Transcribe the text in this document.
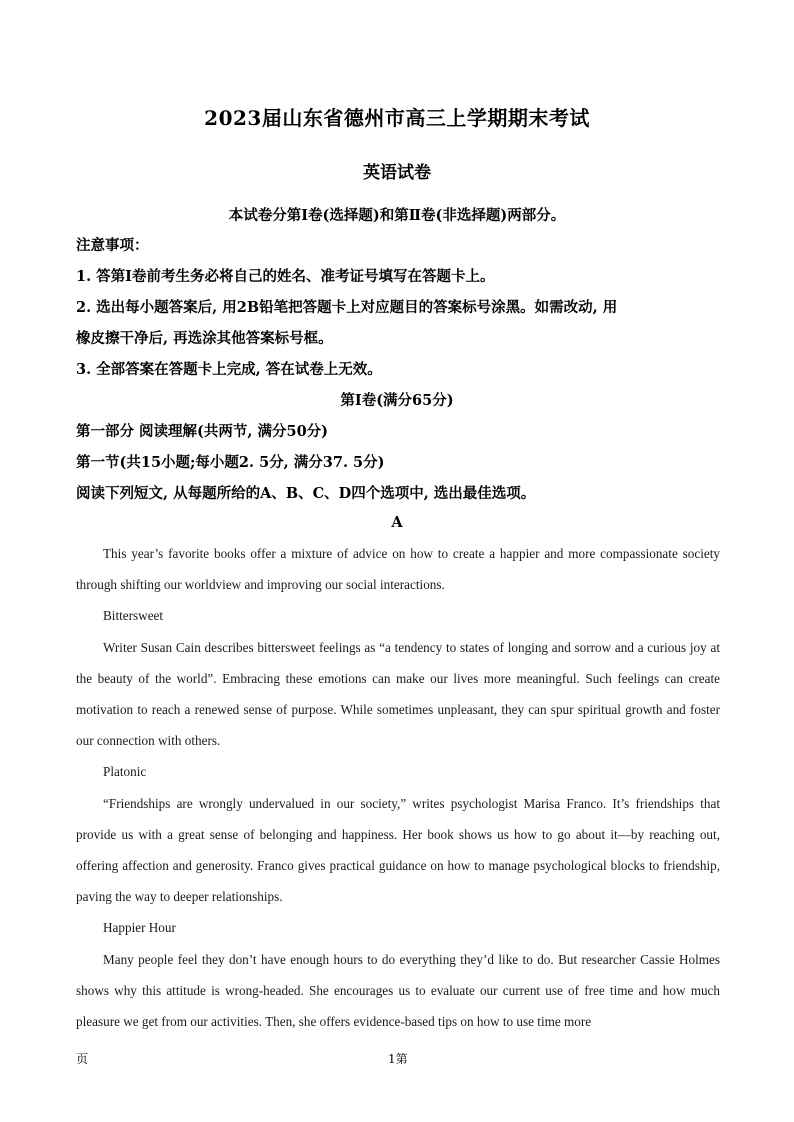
2023届山东省德州市高三上学期期末考试
英语试卷
本试卷分第I卷(选择题)和第Ⅱ卷(非选择题)两部分。
注意事项：
1. 答第I卷前考生务必将自己的姓名、准考证号填写在答题卡上。
2. 选出每小题答案后, 用2B铅笔把答题卡上对应题目的答案标号涂黑。如需改动, 用
橡皮擦干净后, 再选涂其他答案标号框。
3. 全部答案在答题卡上完成, 答在试卷上无效。
第I卷(满分65分)
第一部分 阅读理解(共两节, 满分50分)
第一节(共15小题;每小题2. 5分, 满分37. 5分)
阅读下列短文, 从每题所给的A、B、C、D四个选项中, 选出最佳选项。
A

This year’s favorite books offer a mixture of advice on how to create a happier and more compassionate society through shifting our worldview and improving our social interactions.

Bittersweet

Writer Susan Cain describes bittersweet feelings as “a tendency to states of longing and sorrow and a curious joy at the beauty of the world”. Embracing these emotions can make our lives more meaningful. Such feelings can create motivation to reach a renewed sense of purpose. While sometimes unpleasant, they can spur spiritual growth and foster our connection with others.

Platonic

“Friendships are wrongly undervalued in our society,” writes psychologist Marisa Franco. It’s friendships that provide us with a great sense of belonging and happiness. Her book shows us how to go about it—by reaching out, offering affection and generosity. Franco gives practical guidance on how to manage psychological blocks to friendship, paving the way to deeper relationships.

Happier Hour

Many people feel they don’t have enough hours to do everything they’d like to do. But researcher Cassie Holmes shows why this attitude is wrong-headed. She encourages us to evaluate our current use of free time and how much pleasure we get from our activities. Then, she offers evidence-based tips on how to use time more

页	1第
